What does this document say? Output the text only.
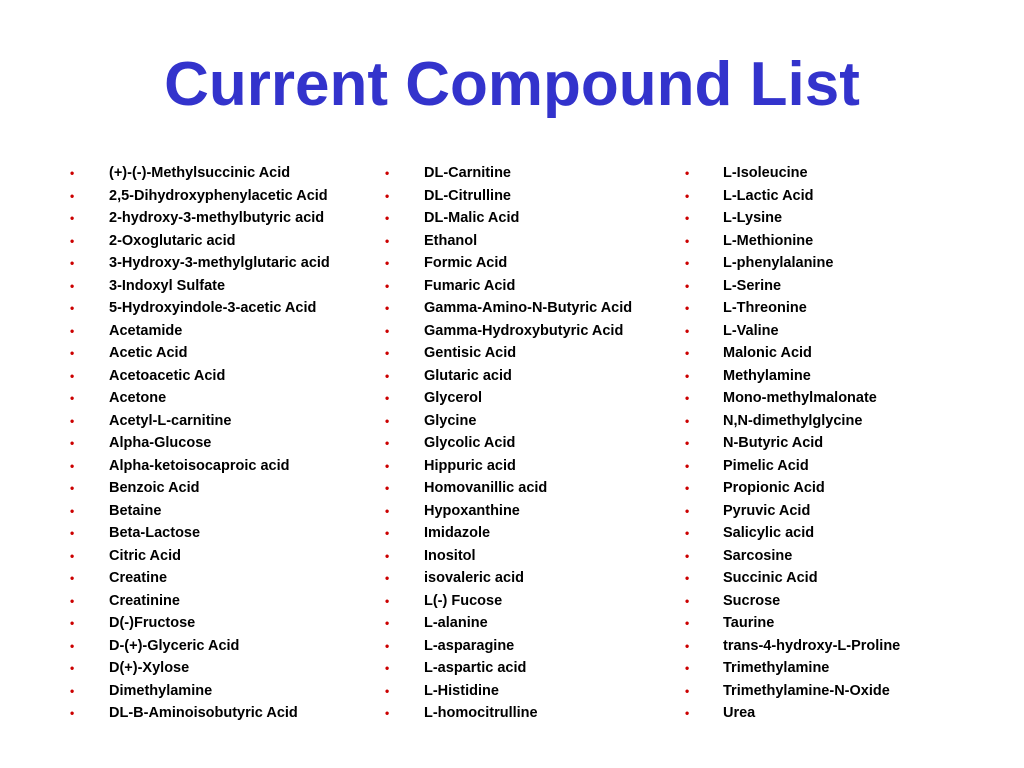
Current Compound List
• (+)-(-)-Methylsuccinic Acid
• 2,5-Dihydroxyphenylacetic Acid
• 2-hydroxy-3-methylbutyric acid
• 2-Oxoglutaric acid
• 3-Hydroxy-3-methylglutaric acid
• 3-Indoxyl Sulfate
• 5-Hydroxyindole-3-acetic Acid
• Acetamide
• Acetic Acid
• Acetoacetic Acid
• Acetone
• Acetyl-L-carnitine
• Alpha-Glucose
• Alpha-ketoisocaproic acid
• Benzoic Acid
• Betaine
• Beta-Lactose
• Citric Acid
• Creatine
• Creatinine
• D(-)Fructose
• D-(+)-Glyceric Acid
• D(+)-Xylose
• Dimethylamine
• DL-B-Aminoisobutyric Acid
• DL-Carnitine
• DL-Citrulline
• DL-Malic Acid
• Ethanol
• Formic Acid
• Fumaric Acid
• Gamma-Amino-N-Butyric Acid
• Gamma-Hydroxybutyric Acid
• Gentisic Acid
• Glutaric acid
• Glycerol
• Glycine
• Glycolic Acid
• Hippuric acid
• Homovanillic acid
• Hypoxanthine
• Imidazole
• Inositol
• isovaleric acid
• L(-) Fucose
• L-alanine
• L-asparagine
• L-aspartic acid
• L-Histidine
• L-homocitrulline
• L-Isoleucine
• L-Lactic Acid
• L-Lysine
• L-Methionine
• L-phenylalanine
• L-Serine
• L-Threonine
• L-Valine
• Malonic Acid
• Methylamine
• Mono-methylmalonate
• N,N-dimethylglycine
• N-Butyric Acid
• Pimelic Acid
• Propionic Acid
• Pyruvic Acid
• Salicylic acid
• Sarcosine
• Succinic Acid
• Sucrose
• Taurine
• trans-4-hydroxy-L-Proline
• Trimethylamine
• Trimethylamine-N-Oxide
• Urea
